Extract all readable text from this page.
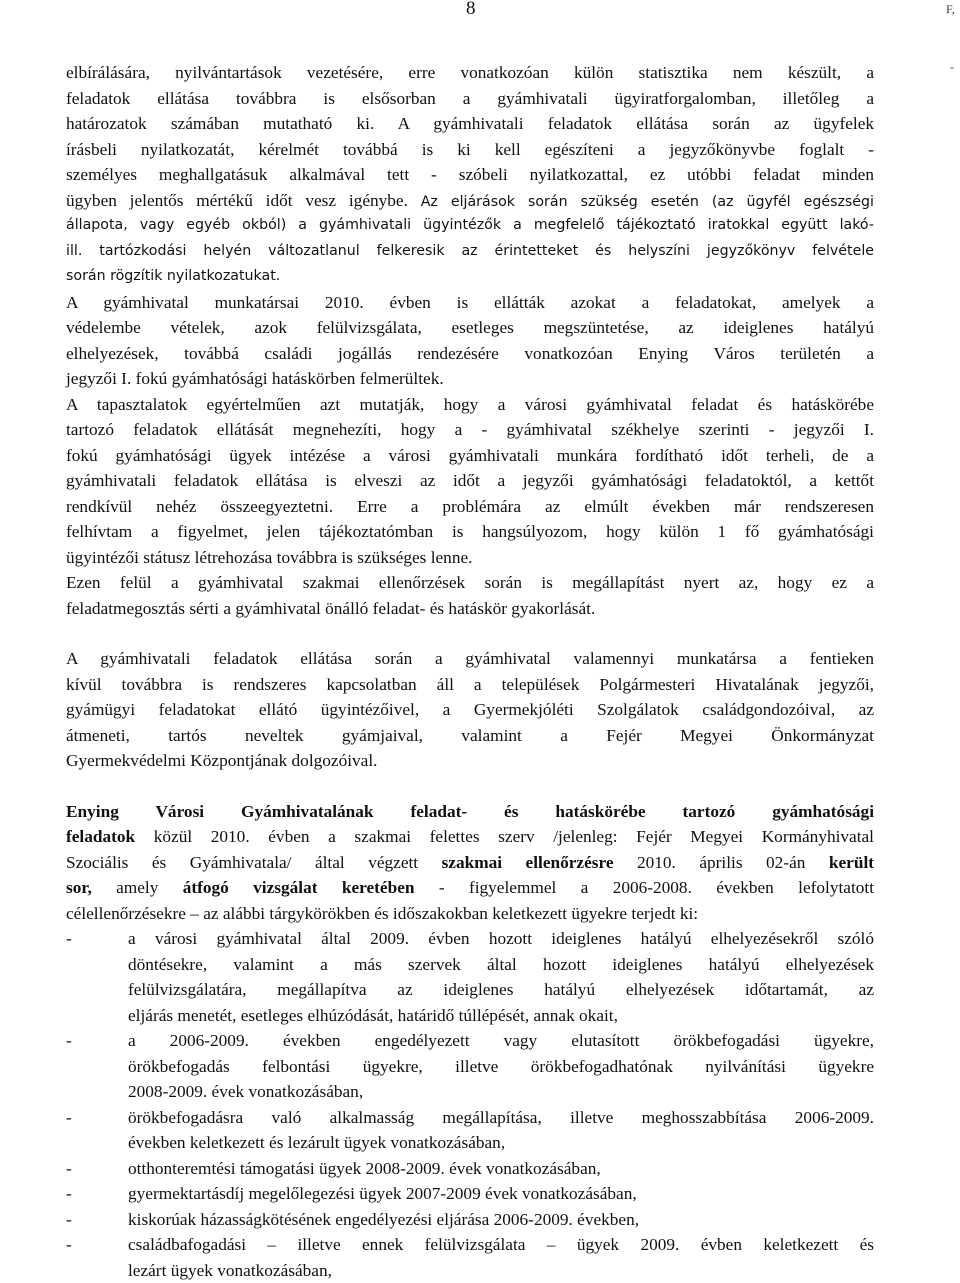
8	F,
-
elbírálására, nyilvántartások vezetésére, erre vonatkozóan külön statisztika nem készült, a
feladatok ellátása továbbra is elsősorban a gyámhivatali ügyiratforgalomban, illetőleg a
határozatok számában mutatható ki. A gyámhivatali feladatok ellátása során az ügyfelek
írásbeli nyilatkozatát, kérelmét továbbá is ki kell egészíteni a jegyzőkönyvbe foglalt -
személyes meghallgatásuk alkalmával tett - szóbeli nyilatkozattal, ez utóbbi feladat minden
ügyben jelentős mértékű időt vesz igénybe. Az eljárások során szükség esetén (az ügyfél egészségi
állapota, vagy egyéb okból) a gyámhivatali ügyintézők a megfelelő tájékoztató iratokkal együtt lakó-
ill. tartózkodási helyén változatlanul felkeresik az érintetteket és helyszíni jegyzőkönyv felvétele
során rögzítik nyilatkozatukat.
A gyámhivatal munkatársai 2010. évben is ellátták azokat a feladatokat, amelyek a
védelembe vételek, azok felülvizsgálata, esetleges megszüntetése, az ideiglenes hatályú
elhelyezések, továbbá családi jogállás rendezésére vonatkozóan Enying Város területén a
jegyzői I. fokú gyámhatósági hatáskörben felmerültek.
A tapasztalatok egyértelműen azt mutatják, hogy a városi gyámhivatal feladat és hatáskörébe
tartozó feladatok ellátását megnehezíti, hogy a - gyámhivatal székhelye szerinti - jegyzői I.
fokú gyámhatósági ügyek intézése a városi gyámhivatali munkára fordítható időt terheli, de a
gyámhivatali feladatok ellátása is elveszi az időt a jegyzői gyámhatósági feladatoktól, a kettőt
rendkívül nehéz összeegyeztetni. Erre a problémára az elmúlt években már rendszeresen
felhívtam a figyelmet, jelen tájékoztatómban is hangsúlyozom, hogy külön 1 fő gyámhatósági
ügyintézői státusz létrehozása továbbra is szükséges lenne.
Ezen felül a gyámhivatal szakmai ellenőrzések során is megállapítást nyert az, hogy ez a
feladatmegosztás sérti a gyámhivatal önálló feladat- és hatáskör gyakorlását.
A gyámhivatali feladatok ellátása során a gyámhivatal valamennyi munkatársa a fentieken
kívül továbbra is rendszeres kapcsolatban áll a települések Polgármesteri Hivatalának jegyzői,
gyámügyi feladatokat ellátó ügyintézőivel, a Gyermekjóléti Szolgálatok családgondozóival, az
átmeneti, tartós neveltek gyámjaival, valamint a Fejér Megyei Önkormányzat
Gyermekvédelmi Központjának dolgozóival.
Enying Városi Gyámhivatalának feladat- és hatáskörébe tartozó gyámhatósági
feladatok közül 2010. évben a szakmai felettes szerv /jelenleg: Fejér Megyei Kormányhivatal
Szociális és Gyámhivatala/ által végzett szakmai ellenőrzésre 2010. április 02-án került
sor, amely átfogó vizsgálat keretében - figyelemmel a 2006-2008. években lefolytatott
célellenőrzésekre – az alábbi tárgykörökben és időszakokban keletkezett ügyekre terjedt ki:
-	a városi gyámhivatal által 2009. évben hozott ideiglenes hatályú elhelyezésekről szóló
döntésekre, valamint a más szervek által hozott ideiglenes hatályú elhelyezések
felülvizsgálatára, megállapítva az ideiglenes hatályú elhelyezések időtartamát, az
eljárás menetét, esetleges elhúzódását, határidő túllépését, annak okait,
-	a 2006-2009. években engedélyezett vagy elutasított örökbefogadási ügyekre,
örökbefogadás felbontási ügyekre, illetve örökbefogadhatónak nyilvánítási ügyekre
2008-2009. évek vonatkozásában,
-	örökbefogadásra való alkalmasság megállapítása, illetve meghosszabbítása 2006-2009.
években keletkezett és lezárult ügyek vonatkozásában,
-	otthonteremtési támogatási ügyek 2008-2009. évek vonatkozásában,
-	gyermektartásdíj megelőlegezési ügyek 2007-2009 évek vonatkozásában,
-	kiskorúak házasságkötésének engedélyezési eljárása 2006-2009. években,
-	családbafogadási – illetve ennek felülvizsgálata – ügyek 2009. évben keletkezett és
lezárt ügyek vonatkozásában,
